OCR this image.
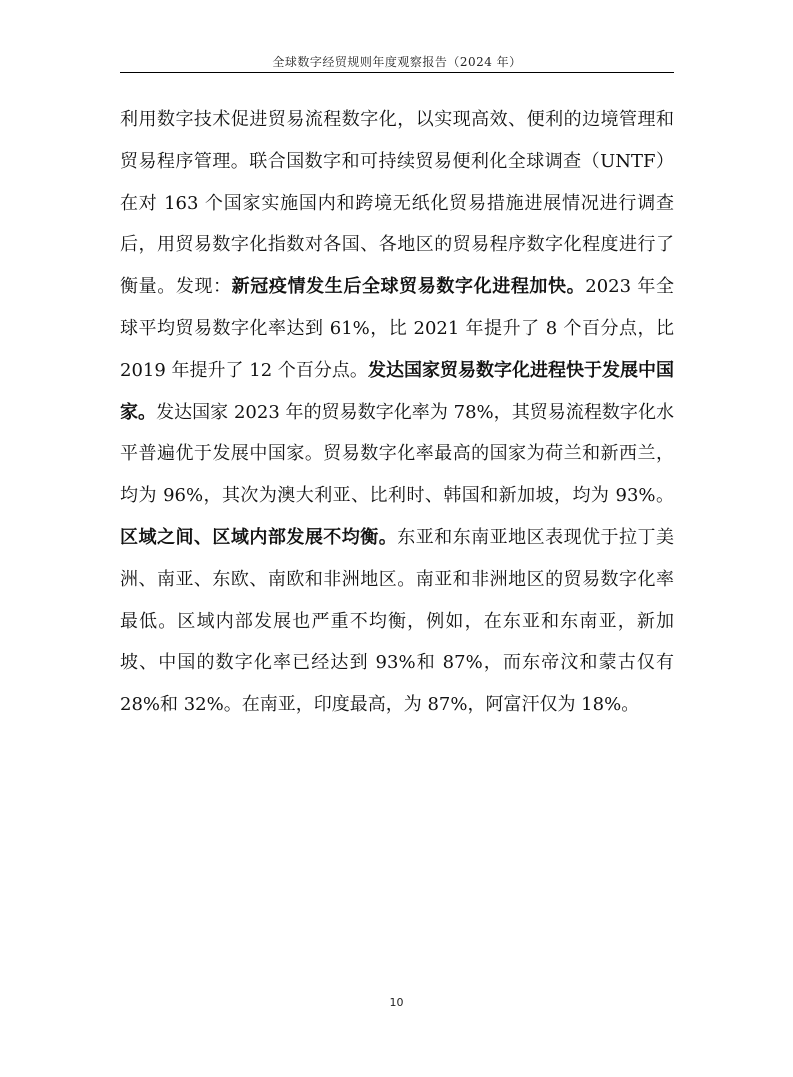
全球数字经贸规则年度观察报告（2024 年）

利用数字技术促进贸易流程数字化，以实现高效、便利的边境管理和贸易程序管理。联合国数字和可持续贸易便利化全球调查（UNTF）在对 163 个国家实施国内和跨境无纸化贸易措施进展情况进行调查后，用贸易数字化指数对各国、各地区的贸易程序数字化程度进行了衡量。发现：新冠疫情发生后全球贸易数字化进程加快。2023 年全球平均贸易数字化率达到 61%，比 2021 年提升了 8 个百分点，比 2019 年提升了 12 个百分点。发达国家贸易数字化进程快于发展中国家。发达国家 2023 年的贸易数字化率为 78%，其贸易流程数字化水平普遍优于发展中国家。贸易数字化率最高的国家为荷兰和新西兰，均为 96%，其次为澳大利亚、比利时、韩国和新加坡，均为 93%。区域之间、区域内部发展不均衡。东亚和东南亚地区表现优于拉丁美洲、南亚、东欧、南欧和非洲地区。南亚和非洲地区的贸易数字化率最低。区域内部发展也严重不均衡，例如，在东亚和东南亚，新加坡、中国的数字化率已经达到 93%和 87%，而东帝汶和蒙古仅有 28%和 32%。在南亚，印度最高，为 87%，阿富汗仅为 18%。

10
